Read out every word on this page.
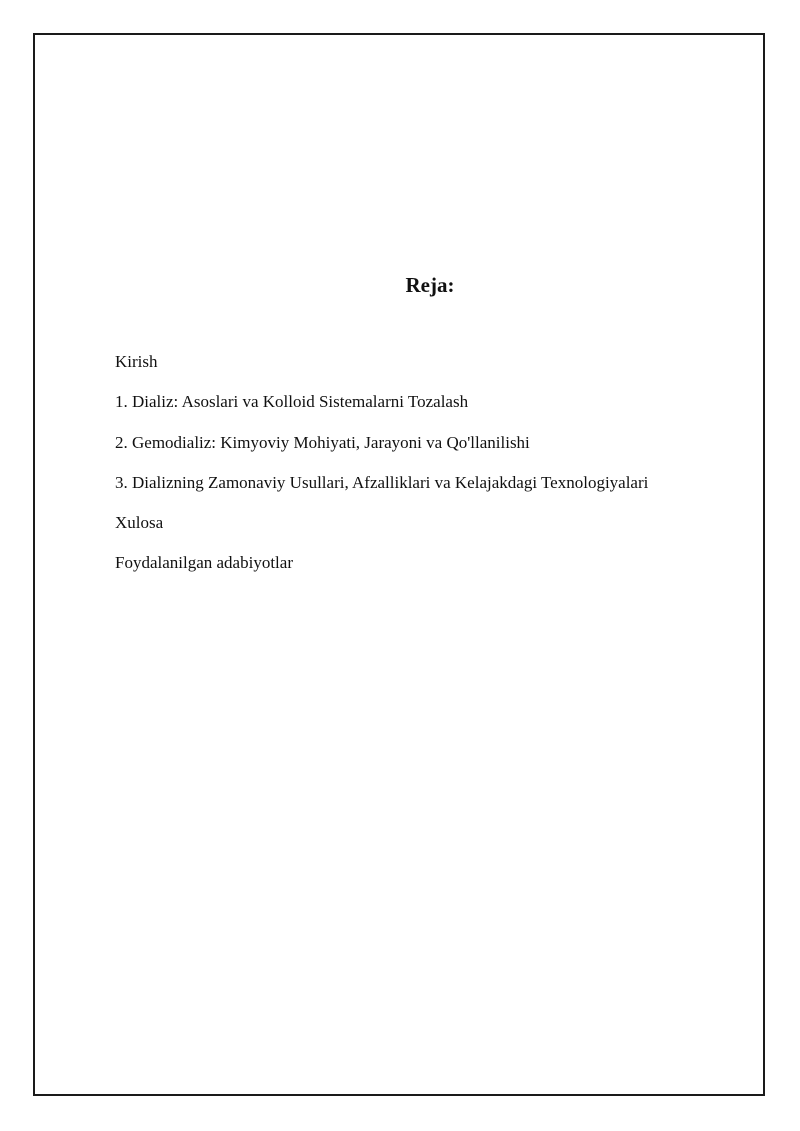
Reja:
Kirish
1. Dializ: Asoslari va Kolloid Sistemalarni Tozalash
2. Gemodializ: Kimyoviy Mohiyati, Jarayoni va Qo'llanilishi
3. Dializning Zamonaviy Usullari, Afzalliklari va Kelajakdagi Texnologiyalari
Xulosa
Foydalanilgan adabiyotlar
